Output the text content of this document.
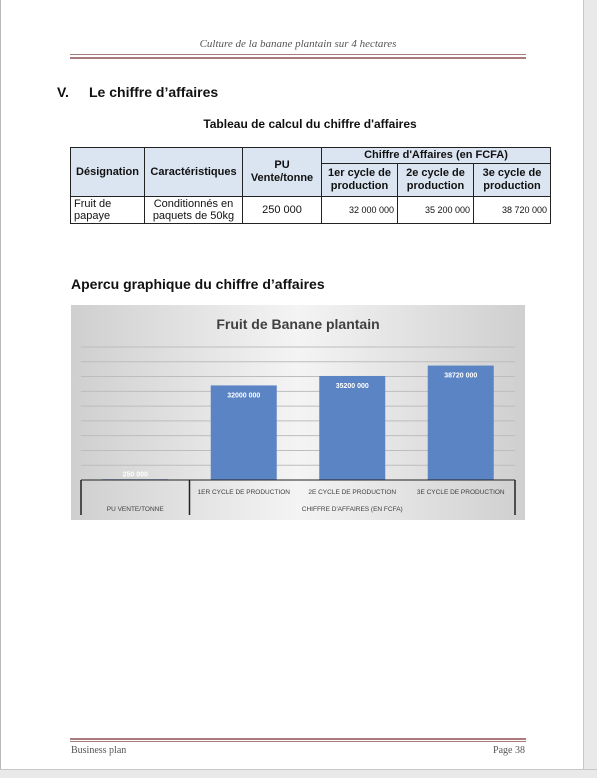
Culture de la banane plantain sur 4 hectares
V. Le chiffre d’affaires
Tableau de calcul du chiffre d'affaires
Désignation	Caractéristiques	PU Vente/tonne	Chiffre d'Affaires (en FCFA)		
			1er cycle de production	2e cycle de production	3e cycle de production
Fruit de papaye	Conditionnés en paquets de 50kg	250 000	32 000 000	35 200 000	38 720 000
Apercu graphique du chiffre d’affaires
Fruit de Banane plantain
250 000
32000 000
35200 000
38720 000
PU VENTE/TONNE
1ER CYCLE DE PRODUCTION	2E CYCLE DE PRODUCTION	3E CYCLE DE PRODUCTION
CHIFFRE D'AFFAIRES (EN FCFA)
Business plan	Page 38
